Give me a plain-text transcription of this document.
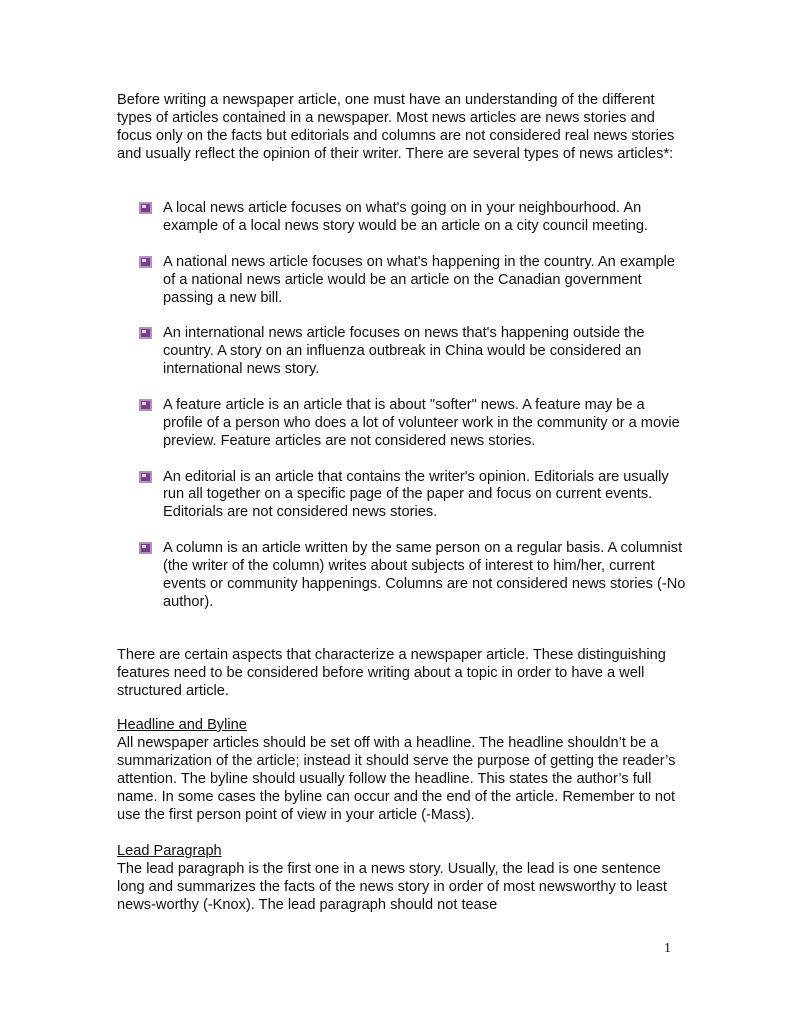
Before writing a newspaper article, one must have an understanding of the different types of articles contained in a newspaper. Most news articles are news stories and focus only on the facts but editorials and columns are not considered real news stories and usually reflect the opinion of their writer. There are several types of news articles*:

A local news article focuses on what's going on in your neighbourhood. An example of a local news story would be an article on a city council meeting.
A national news article focuses on what's happening in the country. An example of a national news article would be an article on the Canadian government passing a new bill.
An international news article focuses on news that's happening outside the country. A story on an influenza outbreak in China would be considered an international news story.
A feature article is an article that is about "softer" news. A feature may be a profile of a person who does a lot of volunteer work in the community or a movie preview. Feature articles are not considered news stories.
An editorial is an article that contains the writer's opinion. Editorials are usually run all together on a specific page of the paper and focus on current events. Editorials are not considered news stories.
A column is an article written by the same person on a regular basis. A columnist (the writer of the column) writes about subjects of interest to him/her, current events or community happenings. Columns are not considered news stories (-No author).

There are certain aspects that characterize a newspaper article. These distinguishing features need to be considered before writing about a topic in order to have a well structured article.

Headline and Byline
All newspaper articles should be set off with a headline. The headline shouldn’t be a summarization of the article; instead it should serve the purpose of getting the reader’s attention. The byline should usually follow the headline. This states the author’s full name. In some cases the byline can occur and the end of the article. Remember to not use the first person point of view in your article (-Mass).
Lead Paragraph
The lead paragraph is the first one in a news story. Usually, the lead is one sentence long and summarizes the facts of the news story in order of most newsworthy to least news-worthy (-Knox). The lead paragraph should not tease
1
